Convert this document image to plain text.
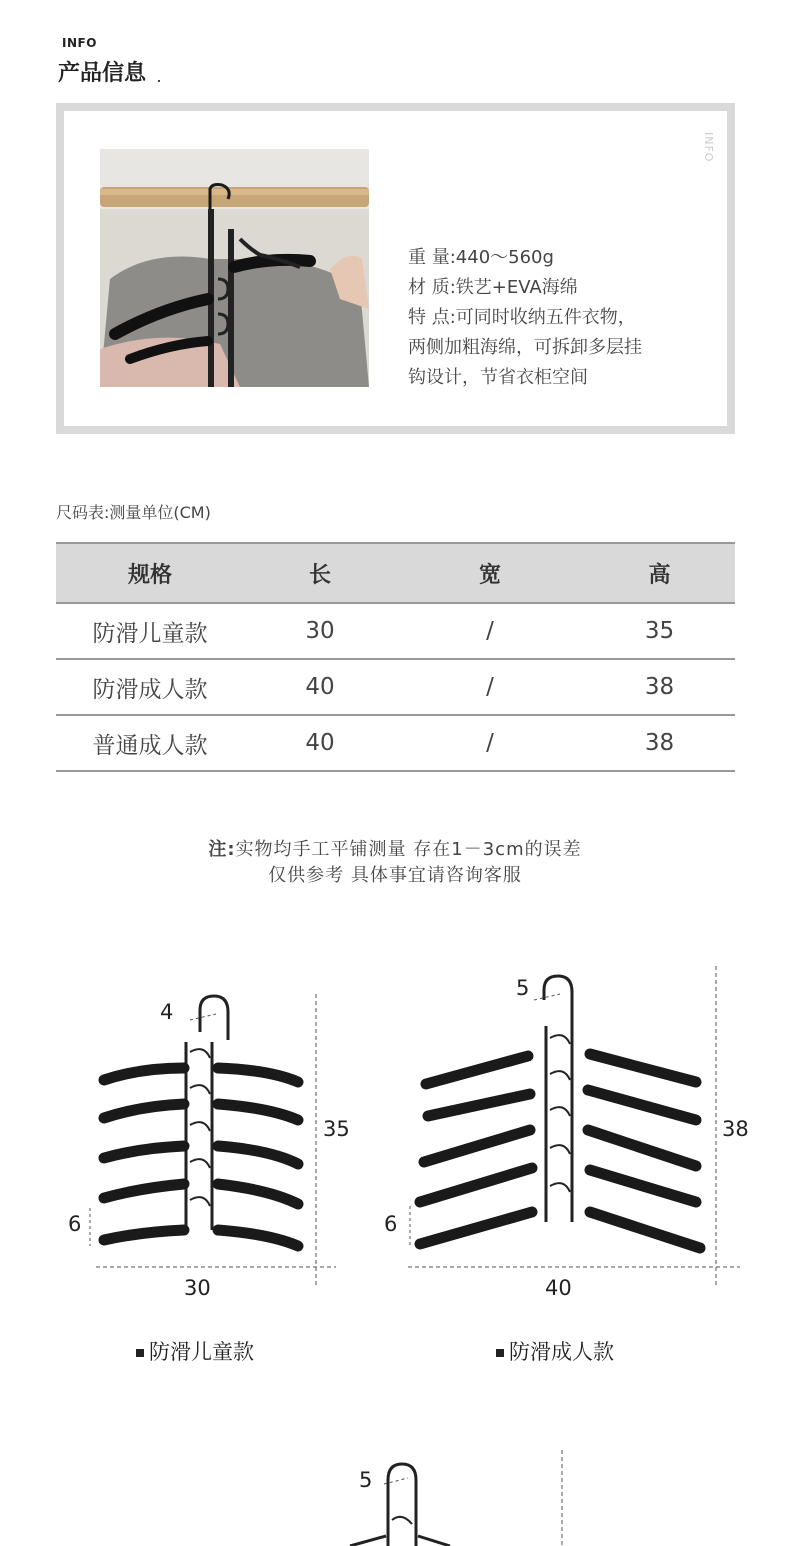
INFO
产品信息
INFO
重 量:440～560g
材 质:铁艺+EVA海绵
特 点:可同时收纳五件衣物，
两侧加粗海绵，可拆卸多层挂
钩设计，节省衣柜空间
尺码表:测量单位(CM)
规格	长	宽	高
防滑儿童款	30	/	35
防滑成人款	40	/	38
普通成人款	40	/	38
注:实物均手工平铺测量 存在1－3cm的误差
仅供参考 具体事宜请咨询客服
4
6
35
30
防滑儿童款
5
6
38
40
防滑成人款
5
